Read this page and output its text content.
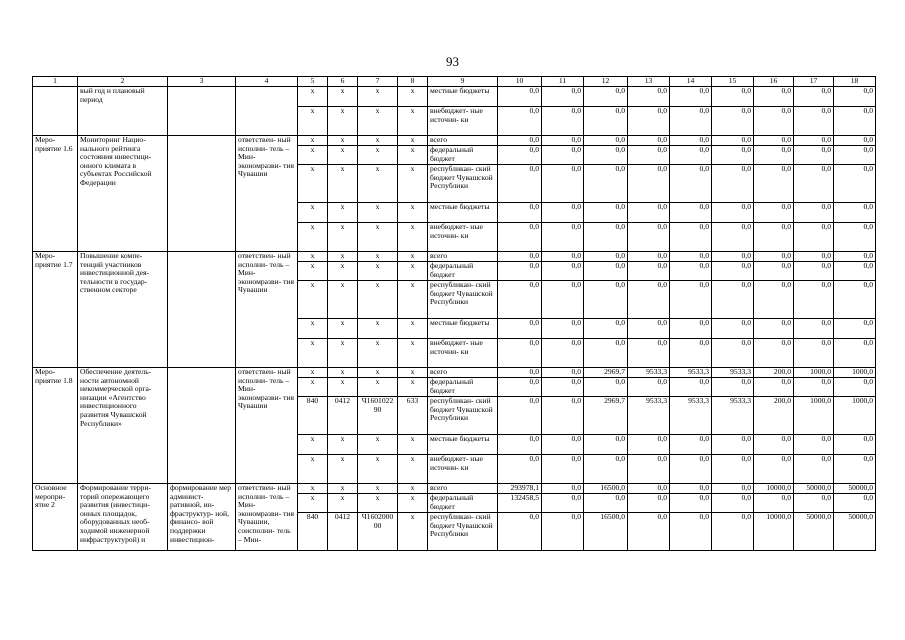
93
1	2	3	4	5	6	7	8	9	10	11	12	13	14	15	16	17	18
	вый год и плановый период			x	x	x	x	местные бюджеты	0,0	0,0	0,0	0,0	0,0	0,0	0,0	0,0	0,0
				x	x	x	x	внебюджет- ные источни- ки	0,0	0,0	0,0	0,0	0,0	0,0	0,0	0,0	0,0
Меро- приятие 1.6	Мониторинг Нацио- нального рейтинга состояния инвестици- онного климата в субъектах Российской Федерации		ответствен- ный исполни- тель – Мин- экономразви- тия Чувашии	x	x	x	x	всего	0,0	0,0	0,0	0,0	0,0	0,0	0,0	0,0	0,0
				x	x	x	x	федеральный бюджет	0,0	0,0	0,0	0,0	0,0	0,0	0,0	0,0	0,0
				x	x	x	x	республикан- ский бюджет Чувашской Республики	0,0	0,0	0,0	0,0	0,0	0,0	0,0	0,0	0,0
				x	x	x	x	местные бюджеты	0,0	0,0	0,0	0,0	0,0	0,0	0,0	0,0	0,0
				x	x	x	x	внебюджет- ные источни- ки	0,0	0,0	0,0	0,0	0,0	0,0	0,0	0,0	0,0
Меро- приятие 1.7	Повышение компе- тенций участников инвестиционной дея- тельности в государ- ственном секторе		ответствен- ный исполни- тель – Мин- экономразви- тия Чувашии	x	x	x	x	всего	0,0	0,0	0,0	0,0	0,0	0,0	0,0	0,0	0,0
				x	x	x	x	федеральный бюджет	0,0	0,0	0,0	0,0	0,0	0,0	0,0	0,0	0,0
				x	x	x	x	республикан- ский бюджет Чувашской Республики	0,0	0,0	0,0	0,0	0,0	0,0	0,0	0,0	0,0
				x	x	x	x	местные бюджеты	0,0	0,0	0,0	0,0	0,0	0,0	0,0	0,0	0,0
				x	x	x	x	внебюджет- ные источни- ки	0,0	0,0	0,0	0,0	0,0	0,0	0,0	0,0	0,0
Меро- приятие 1.8	Обеспечение деятель- ности автономной некоммерческой орга- низации «Агентство инвестиционного развития Чувашской Республики»		ответствен- ный исполни- тель – Мин- экономразви- тия Чувашии	x	x	x	x	всего	0,0	0,0	2969,7	9533,3	9533,3	9533,3	200,0	1000,0	1000,0
				x	x	x	x	федеральный бюджет	0,0	0,0	0,0	0,0	0,0	0,0	0,0	0,0	0,0
				840	0412	Ч1601022 90	633	республикан- ский бюджет Чувашской Республики	0,0	0,0	2969,7	9533,3	9533,3	9533,3	200,0	1000,0	1000,0
				x	x	x	x	местные бюджеты	0,0	0,0	0,0	0,0	0,0	0,0	0,0	0,0	0,0
				x	x	x	x	внебюджет- ные источни- ки	0,0	0,0	0,0	0,0	0,0	0,0	0,0	0,0	0,0
Основное меропри- ятие 2	Формирование терри- торий опережающего развития (инвестици- онных площадок, оборудованных необ- ходимой инженерной инфраструктурой) и	формирование мер админист- ративной, ин- фраструктур- ной, финансо- вой поддержки инвестицион-	ответствен- ный исполни- тель – Мин- экономразви- тия Чувашии, соисполни- тель – Мин-	x	x	x	x	всего	293978,1	0,0	16500,0	0,0	0,0	0,0	10000,0	50000,0	50000,0
				x	x	x	x	федеральный бюджет	132458,5	0,0	0,0	0,0	0,0	0,0	0,0	0,0	0,0
				840	0412	Ч1602000 00	x	республикан- ский бюджет Чувашской Республики	0,0	0,0	16500,0	0,0	0,0	0,0	10000,0	50000,0	50000,0
